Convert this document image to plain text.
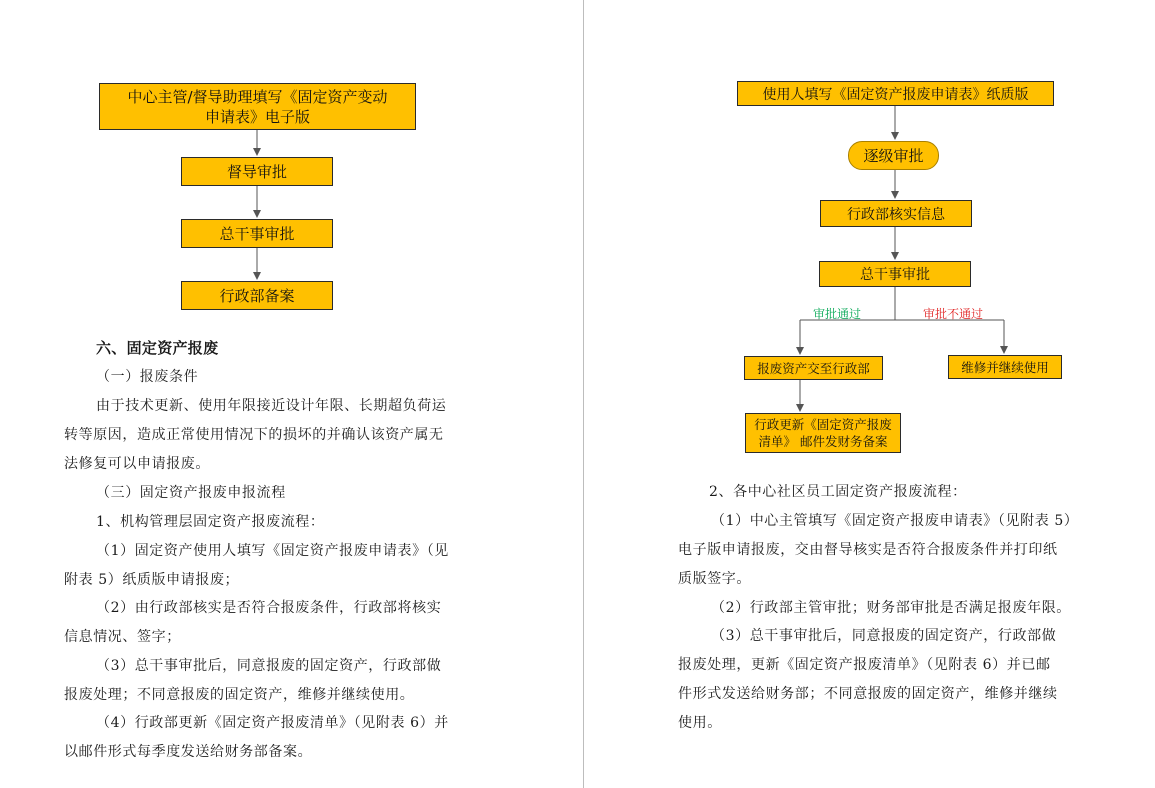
中心主管/督导助理填写《固定资产变动
申请表》电子版
督导审批
总干事审批
行政部备案
六、固定资产报废
（一）报废条件
由于技术更新、使用年限接近设计年限、长期超负荷运
转等原因，造成正常使用情况下的损坏的并确认该资产属无
法修复可以申请报废。
（三）固定资产报废申报流程
1、机构管理层固定资产报废流程：
（1）固定资产使用人填写《固定资产报废申请表》（见
附表 5）纸质版申请报废；
（2）由行政部核实是否符合报废条件，行政部将核实
信息情况、签字；
（3）总干事审批后，同意报废的固定资产，行政部做
报废处理；不同意报废的固定资产，维修并继续使用。
（4）行政部更新《固定资产报废清单》（见附表 6）并
以邮件形式每季度发送给财务部备案。
使用人填写《固定资产报废申请表》纸质版
逐级审批
行政部核实信息
总干事审批
审批通过	审批不通过
报废资产交至行政部	维修并继续使用
行政更新《固定资产报废
清单》 邮件发财务备案
2、各中心社区员工固定资产报废流程：
（1）中心主管填写《固定资产报废申请表》（见附表 5）
电子版申请报废，交由督导核实是否符合报废条件并打印纸
质版签字。
（2）行政部主管审批；财务部审批是否满足报废年限。
（3）总干事审批后，同意报废的固定资产，行政部做
报废处理，更新《固定资产报废清单》（见附表 6）并已邮
件形式发送给财务部；不同意报废的固定资产，维修并继续
使用。
